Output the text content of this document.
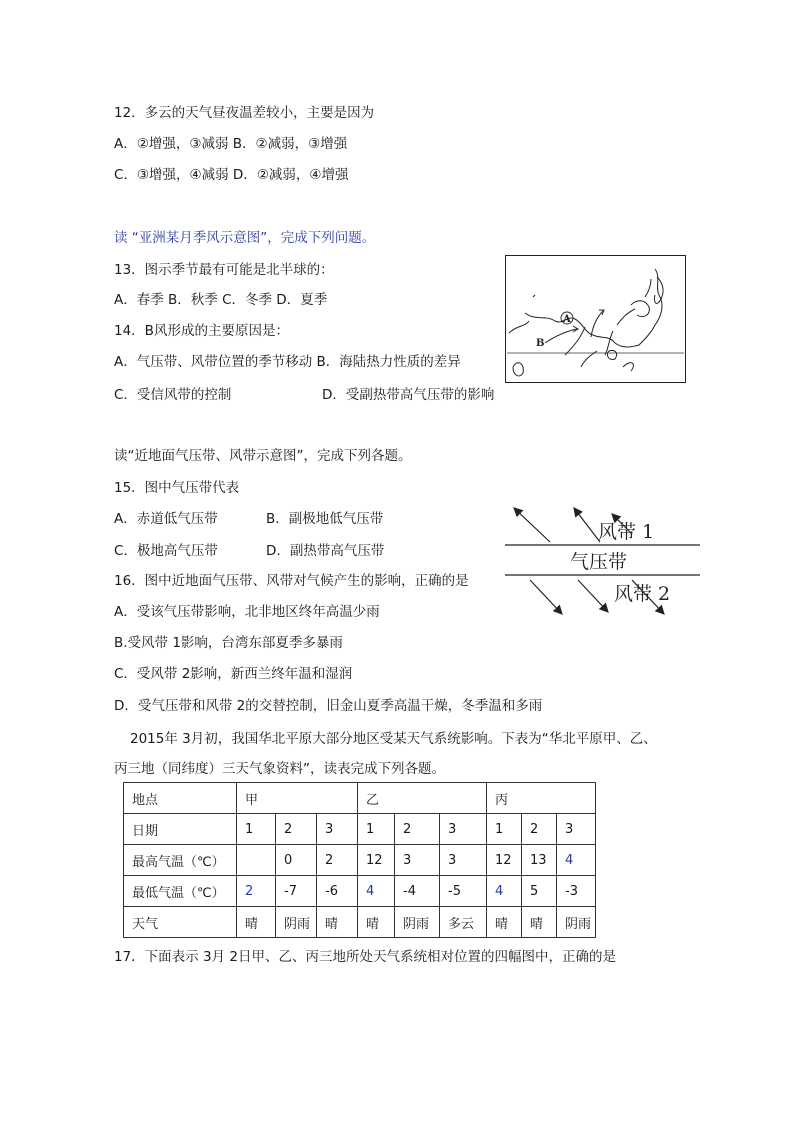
12．多云的天气昼夜温差较小，主要是因为
A．②增强，③减弱 B．②减弱，③增强
C．③增强，④减弱 D．②减弱，④增强
读 “亚洲某月季风示意图”，完成下列问题。
13．图示季节最有可能是北半球的：
A．春季 B．秋季 C．冬季 D．夏季
14．B风形成的主要原因是：
A．气压带、风带位置的季节移动 B．海陆热力性质的差异
C．受信风带的控制	D．受副热带高气压带的影响
A
B
读“近地面气压带、风带示意图”，完成下列各题。
15．图中气压带代表
A．赤道低气压带	B．副极地低气压带
C．极地高气压带	D．副热带高气压带
16．图中近地面气压带、风带对气候产生的影响，正确的是
A．受该气压带影响，北非地区终年高温少雨
B.受风带 1影响，台湾东部夏季多暴雨
C．受风带 2影响，新西兰终年温和湿润
D．受气压带和风带 2的交替控制，旧金山夏季高温干燥，冬季温和多雨
风带 1
气压带
风带 2
2015年 3月初，我国华北平原大部分地区受某天气系统影响。下表为“华北平原甲、乙、
丙三地（同纬度）三天气象资料”，读表完成下列各题。
地点	甲			乙			丙		
日期	1	2	3	1	2	3	1	2	3
最高气温（℃）		0	2	12	3	3	12	13	4
最低气温（℃）	2	-7	-6	4	-4	-5	4	5	-3
天气	晴	阴雨	晴	晴	阴雨	多云	晴	晴	阴雨
17．下面表示 3月 2日甲、乙、丙三地所处天气系统相对位置的四幅图中，正确的是
